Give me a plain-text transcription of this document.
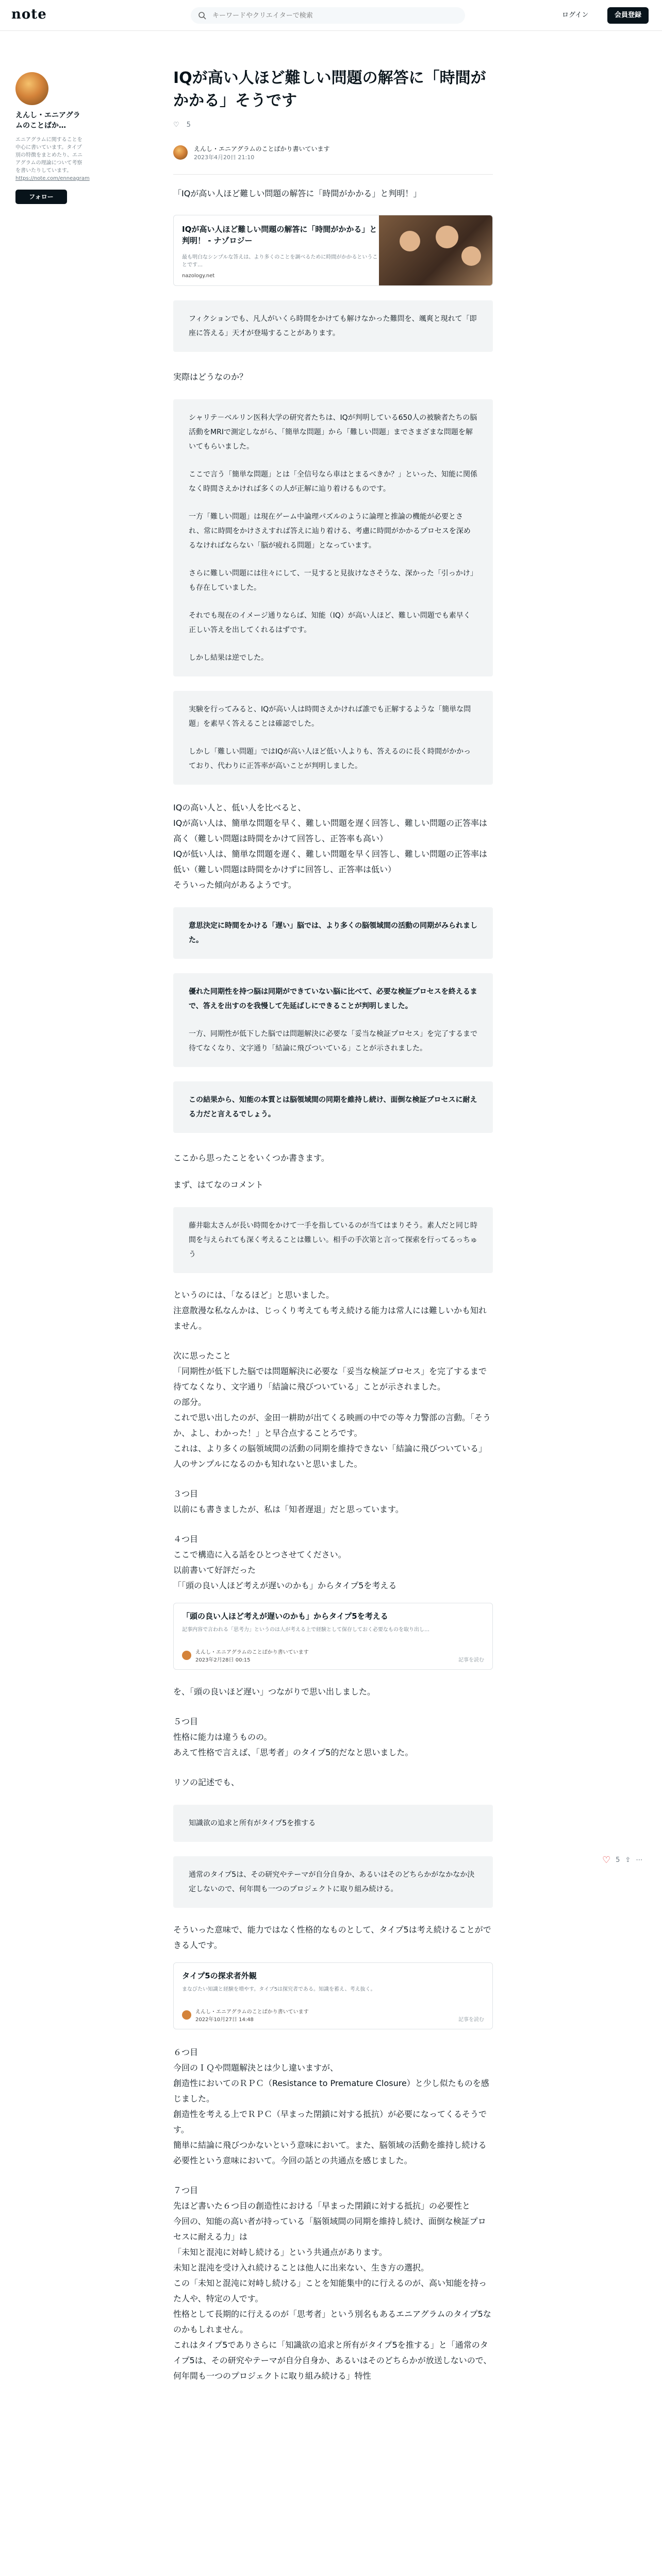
note
キーワードやクリエイターで検索	ログイン	会員登録
えんし・エニアグラムのことばか…
エニアグラムに関することを中心に書いています。タイプ別の特徴をまとめたり、エニアグラムの理論について考察を書いたりしています。
https://note.com/enneagram
フォロー
IQが高い人ほど難しい問題の解答に「時間がかかる」そうです
♡ 5
えんし・エニアグラムのことばかり書いています
2023年4月20日 21:10

「IQが高い人ほど難しい問題の解答に「時間がかかる」と判明！」

IQが高い人ほど難しい問題の解答に「時間がかかる」と判明！ - ナゾロジー
最も明白なシンプルな答えは、より多くのことを調べるために時間がかかるということです…
nazology.net

フィクションでも、凡人がいくら時間をかけても解けなかった難問を、颯爽と現れて「即座に答える」天才が登場することがあります。

実際はどうなのか？

シャリテ－ベルリン医科大学の研究者たちは、IQが判明している650人の被験者たちの脳活動をMRIで測定しながら、「簡単な問題」から「難しい問題」までさまざまな問題を解いてもらいました。

ここで言う「簡単な問題」とは「全信号なら車はとまるべきか？」といった、知能に関係なく時間さえかければ多くの人が正解に辿り着けるものです。

一方「難しい問題」は現在ゲーム中論理パズルのように論理と推論の機能が必要とされ、常に時間をかけさえすれば答えに辿り着ける、考慮に時間がかかるプロセスを深めるなければならない「脳が疲れる問題」となっています。

さらに難しい問題には往々にして、一見すると見抜けなさそうな、深かった「引っかけ」も存在していました。

それでも現在のイメージ通りならば、知能（IQ）が高い人ほど、難しい問題でも素早く正しい答えを出してくれるはずです。

しかし結果は逆でした。

実験を行ってみると、IQが高い人は時間さえかければ誰でも正解するような「簡単な問題」を素早く答えることは確認でした。

しかし「難しい問題」ではIQが高い人ほど低い人よりも、答えるのに長く時間がかかっており、代わりに正答率が高いことが判明しました。

IQの高い人と、低い人を比べると、

IQが高い人は、簡単な問題を早く、難しい問題を遅く回答し、難しい問題の正答率は高く（難しい問題は時間をかけて回答し、正答率も高い）

IQが低い人は、簡単な問題を遅く、難しい問題を早く回答し、難しい問題の正答率は低い（難しい問題は時間をかけずに回答し、正答率は低い）

そういった傾向があるようです。

意思決定に時間をかける「遅い」脳では、より多くの脳領域間の活動の同期がみられました。

優れた同期性を持つ脳は同期ができていない脳に比べて、必要な検証プロセスを終えるまで、答えを出すのを我慢して先延ばしにできることが判明しました。

一方、同期性が低下した脳では問題解決に必要な「妥当な検証プロセス」を完了するまで待てなくなり、文字通り「結論に飛びついている」ことが示されました。

この結果から、知能の本質とは脳領域間の同期を維持し続け、面倒な検証プロセスに耐える力だと言えるでしょう。

ここから思ったことをいくつか書きます。

まず、はてなのコメント

藤井聡太さんが長い時間をかけて一手を指しているのが当てはまりそう。素人だと同じ時間を与えられても深く考えることは難しい。相手の手次第と言って探索を行ってるっちゅう

というのには、「なるほど」と思いました。

注意散漫な私なんかは、じっくり考えても考え続ける能力は常人には難しいかも知れません。

次に思ったこと

「同期性が低下した脳では問題解決に必要な「妥当な検証プロセス」を完了するまで待てなくなり、文字通り「結論に飛びついている」ことが示されました。

の部分。

これで思い出したのが、金田一耕助が出てくる映画の中での等々力警部の言動。「そうか、よし、わかった！」と早合点することろです。

これは、より多くの脳領域間の活動の同期を維持できない「結論に飛びついている」人のサンプルになるのかも知れないと思いました。

３つ目

以前にも書きましたが、私は「知者遅退」だと思っています。

４つ目

ここで構造に入る話をひとつさせてください。

以前書いて好評だった

「「頭の良い人ほど考えが遅いのかも」からタイプ5を考える

「頭の良い人ほど考えが遅いのかも」からタイプ5を考える
記事内容で言われる「思考力」というのは人が考える上で経験として保存しておく必要なものを取り出し…
えんし・エニアグラムのことばかり書いています
2023年2月28日 00:15	記事を読む

を、「頭の良いほど遅い」つながりで思い出しました。

５つ目

性格に能力は違うものの。

あえて性格で言えば、「思考者」のタイプ5的だなと思いました。

リソの記述でも、

知識欲の追求と所有がタイプ5を推する

通常のタイプ5は、その研究やテーマが自分自身か、あるいはそのどちらかがなかなか決定しないので、何年間も一つのプロジェクトに取り組み続ける。

そういった意味で、能力ではなく性格的なものとして、タイプ5は考え続けることができる人です。

タイプ5の探求者外観
まなびたい知識と経験を増やす。タイプ5は探究者である。知識を蓄え、考え抜く。
えんし・エニアグラムのことばかり書いています
2022年10月27日 14:48	記事を読む

６つ目

今回のＩＱや問題解決とは少し違いますが、

創造性においてのＲＰＣ（Resistance to Premature Closure）と少し似たものを感じました。

創造性を考える上でＲＰＣ（早まった閉鎖に対する抵抗）が必要になってくるそうです。

簡単に結論に飛びつかないという意味において。また、脳領域の活動を維持し続ける必要性という意味において。今回の話との共通点を感じました。

７つ目

先ほど書いた６つ目の創造性における「早まった閉鎖に対する抵抗」の必要性と

今回の、知能の高い者が持っている「脳領域間の同期を維持し続け、面倒な検証プロセスに耐える力」は

「未知と混沌に対峙し続ける」という共通点があります。

未知と混沌を受け入れ続けることは他人に出来ない、生き方の選択。

この「未知と混沌に対峙し続ける」ことを知能集中的に行えるのが、高い知能を持った人や、特定の人です。

性格として長期的に行えるのが「思考者」という別名もあるエニアグラムのタイプ5なのかもしれません。

これはタイプ5でありさらに「知識欲の追求と所有がタイプ5を推する」と「通常のタイプ5は、その研究やテーマが自分自身か、あるいはそのどちらかが放送しないので、何年間も一つのプロジェクトに取り組み続ける」特性

♡ 5 ⇪ ⋯
